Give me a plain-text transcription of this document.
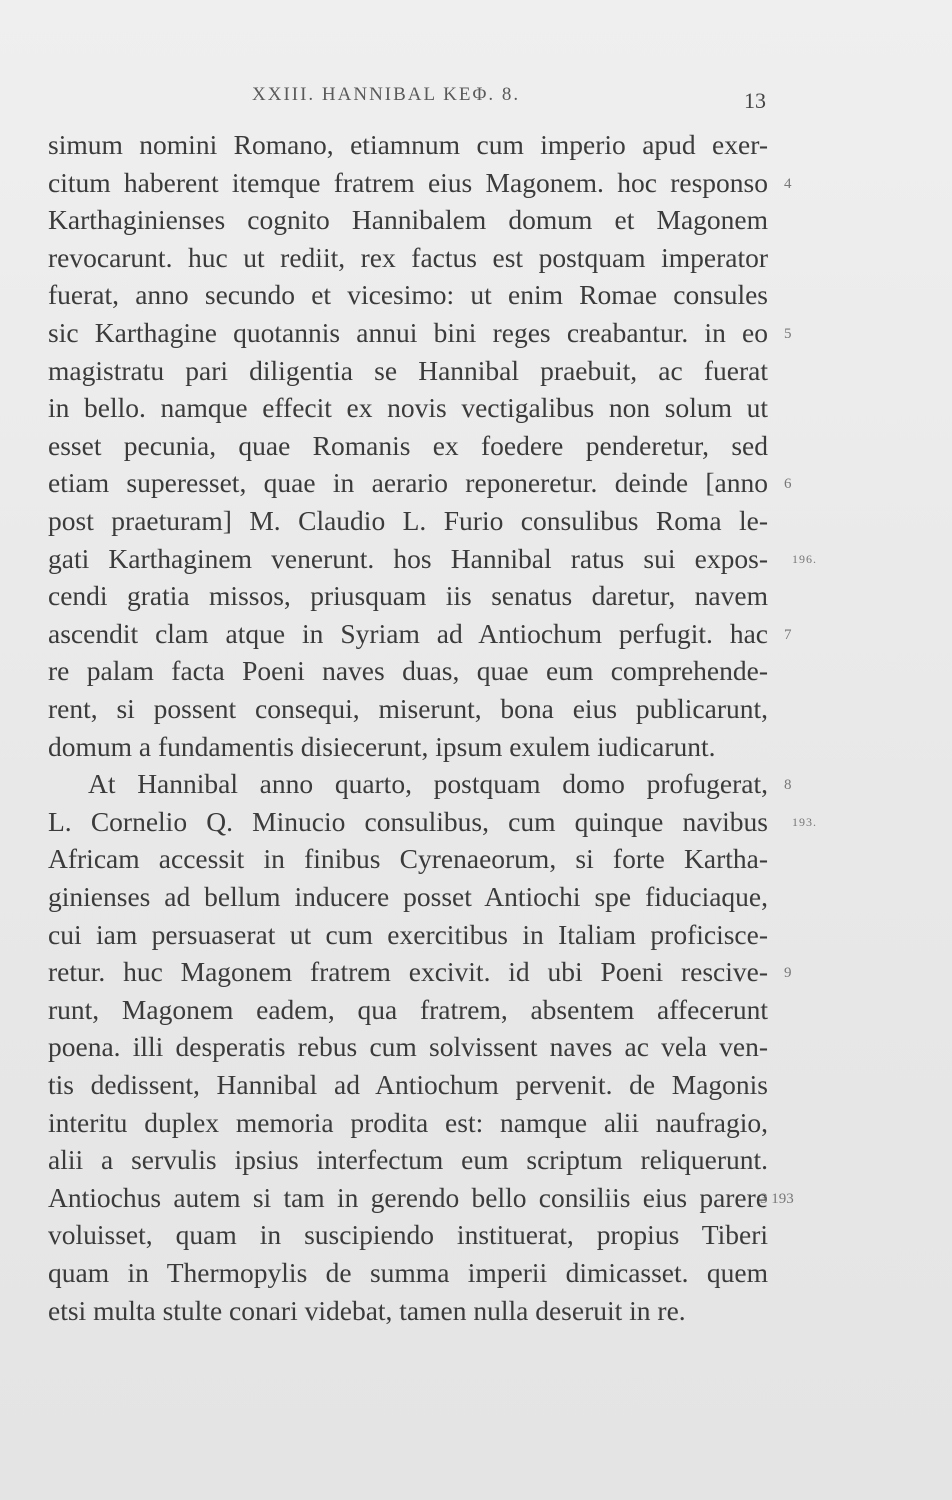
XXIII. HANNIBAL ΚΕΦ. 8.	13
simum nomini Romano, etiamnum cum imperio apud exer-
citum haberent itemque fratrem eius Magonem. hoc responso
Karthaginienses cognito Hannibalem domum et Magonem
revocarunt. huc ut rediit, rex factus est postquam imperator
fuerat, anno secundo et vicesimo: ut enim Romae consules
sic Karthagine quotannis annui bini reges creabantur. in eo
magistratu pari diligentia se Hannibal praebuit, ac fuerat
in bello. namque effecit ex novis vectigalibus non solum ut
esset pecunia, quae Romanis ex foedere penderetur, sed
etiam superesset, quae in aerario reponeretur. deinde [anno
post praeturam] M. Claudio L. Furio consulibus Roma le-
gati Karthaginem venerunt. hos Hannibal ratus sui expos-
cendi gratia missos, priusquam iis senatus daretur, navem
ascendit clam atque in Syriam ad Antiochum perfugit. hac
re palam facta Poeni naves duas, quae eum comprehende-
rent, si possent consequi, miserunt, bona eius publicarunt,
domum a fundamentis disiecerunt, ipsum exulem iudicarunt.
At Hannibal anno quarto, postquam domo profugerat,
L. Cornelio Q. Minucio consulibus, cum quinque navibus
Africam accessit in finibus Cyrenaeorum, si forte Kartha-
ginienses ad bellum inducere posset Antiochi spe fiduciaque,
cui iam persuaserat ut cum exercitibus in Italiam proficisce-
retur. huc Magonem fratrem excivit. id ubi Poeni rescive-
runt, Magonem eadem, qua fratrem, absentem affecerunt
poena. illi desperatis rebus cum solvissent naves ac vela ven-
tis dedissent, Hannibal ad Antiochum pervenit. de Magonis
interitu duplex memoria prodita est: namque alii naufragio,
alii a servulis ipsius interfectum eum scriptum reliquerunt.
Antiochus autem si tam in gerendo bello consiliis eius parere
voluisset, quam in suscipiendo instituerat, propius Tiberi
quam in Thermopylis de summa imperii dimicasset. quem
etsi multa stulte conari videbat, tamen nulla deseruit in re.
4
5
6
196.
7
8
193.
9
3 193
